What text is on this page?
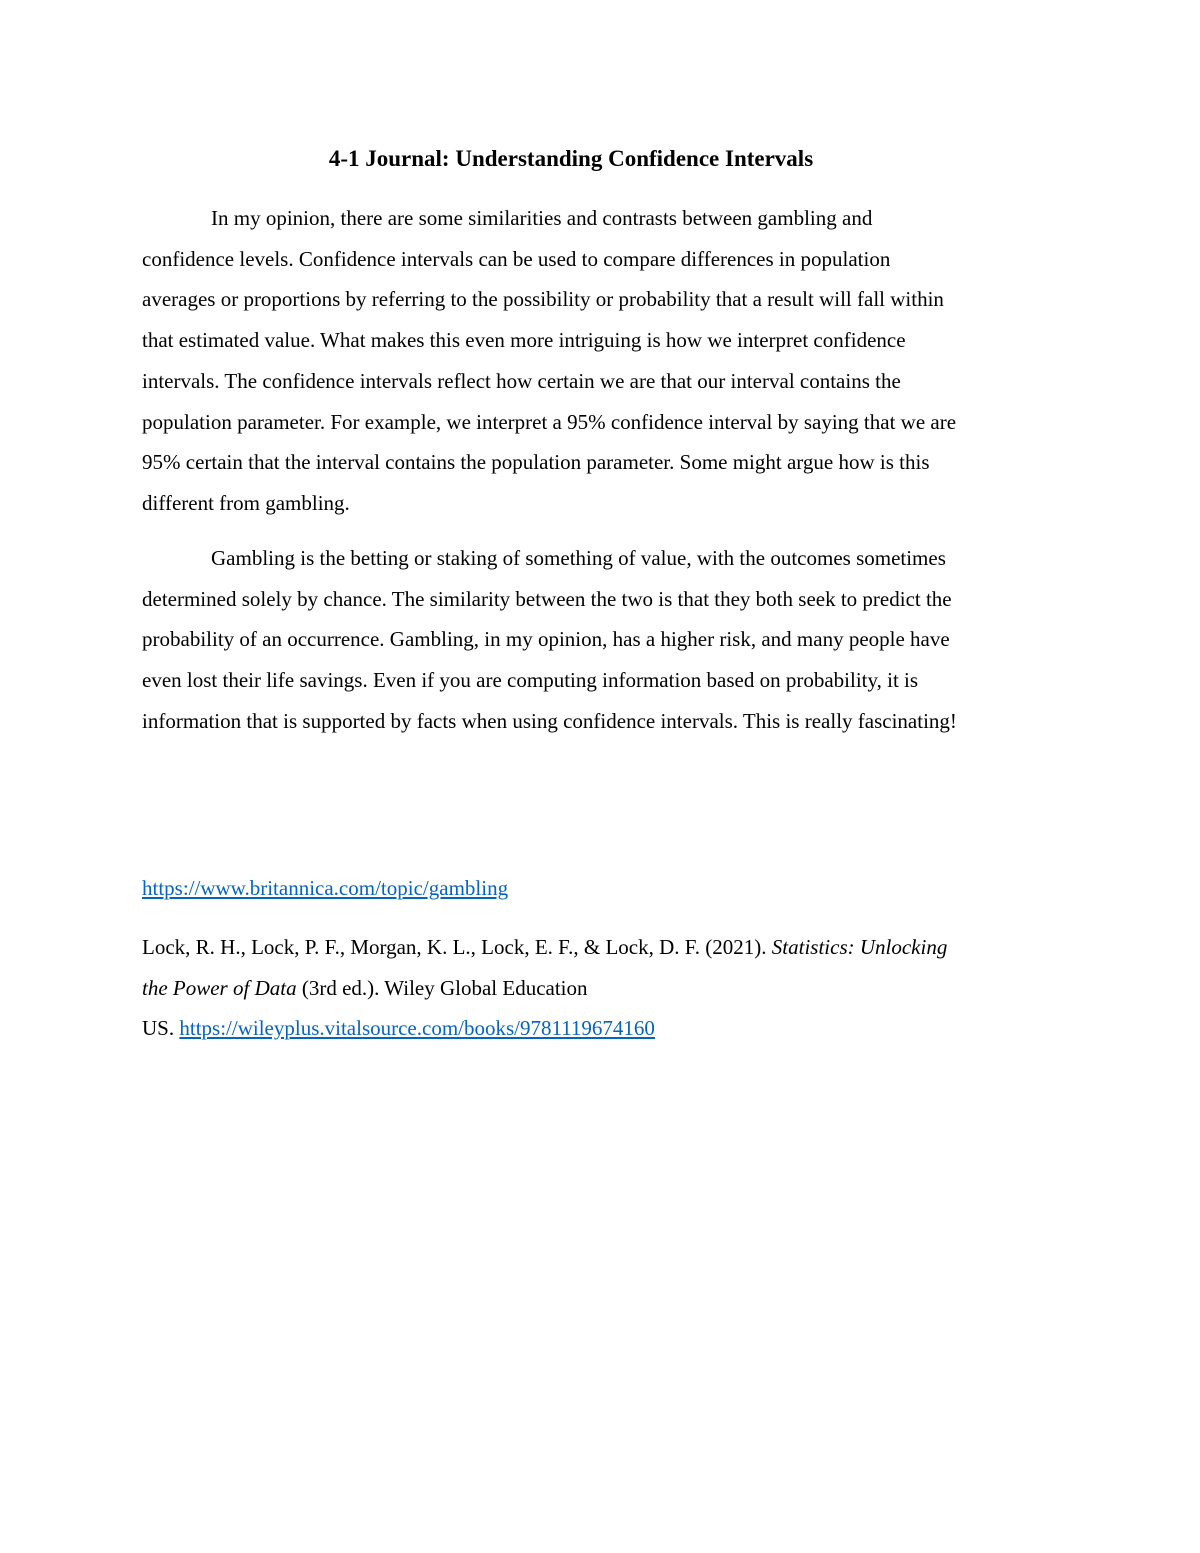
4-1 Journal: Understanding Confidence Intervals

In my opinion, there are some similarities and contrasts between gambling and
confidence levels. Confidence intervals can be used to compare differences in population
averages or proportions by referring to the possibility or probability that a result will fall within
that estimated value. What makes this even more intriguing is how we interpret confidence
intervals. The confidence intervals reflect how certain we are that our interval contains the
population parameter. For example, we interpret a 95% confidence interval by saying that we are
95% certain that the interval contains the population parameter. Some might argue how is this
different from gambling.

Gambling is the betting or staking of something of value, with the outcomes sometimes
determined solely by chance. The similarity between the two is that they both seek to predict the
probability of an occurrence. Gambling, in my opinion, has a higher risk, and many people have
even lost their life savings. Even if you are computing information based on probability, it is
information that is supported by facts when using confidence intervals. This is really fascinating!

https://www.britannica.com/topic/gambling

Lock, R. H., Lock, P. F., Morgan, K. L., Lock, E. F., & Lock, D. F. (2021). Statistics: Unlocking
the Power of Data (3rd ed.). Wiley Global Education
US. https://wileyplus.vitalsource.com/books/9781119674160
